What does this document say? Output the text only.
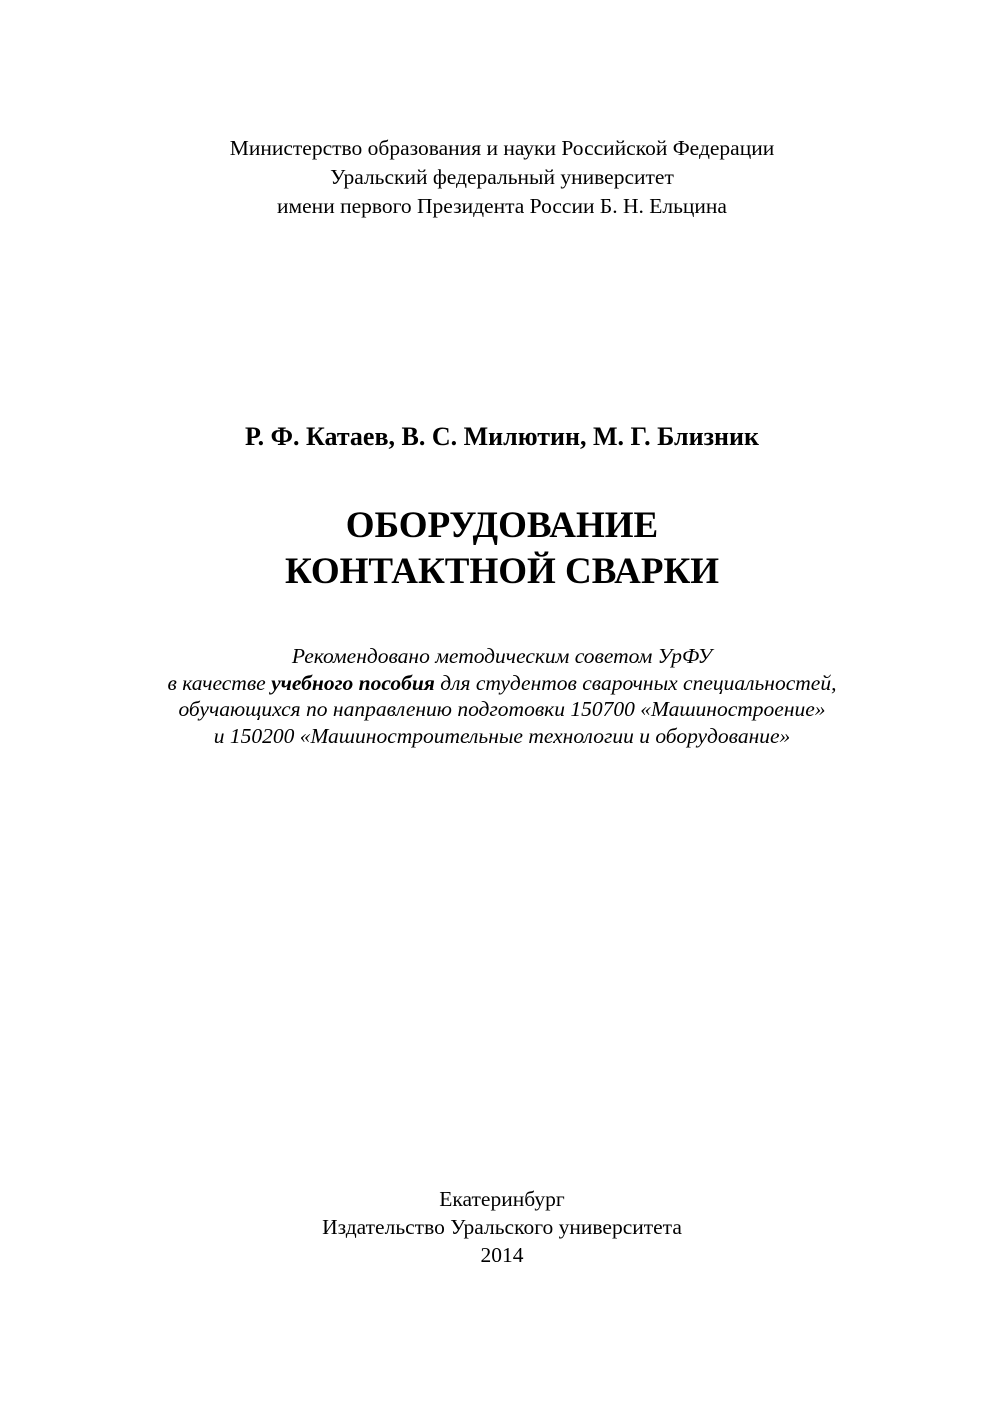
Министерство образования и науки Российской Федерации
Уральский федеральный университет
имени первого Президента России Б. Н. Ельцина
Р. Ф. Катаев, В. С. Милютин, М. Г. Близник
ОБОРУДОВАНИЕ
КОНТАКТНОЙ СВАРКИ
Рекомендовано методическим советом УрФУ
в качестве учебного пособия для студентов сварочных специальностей,
обучающихся по направлению подготовки 150700 «Машиностроение»
и 150200 «Машиностроительные технологии и оборудование»
Екатеринбург
Издательство Уральского университета
2014
